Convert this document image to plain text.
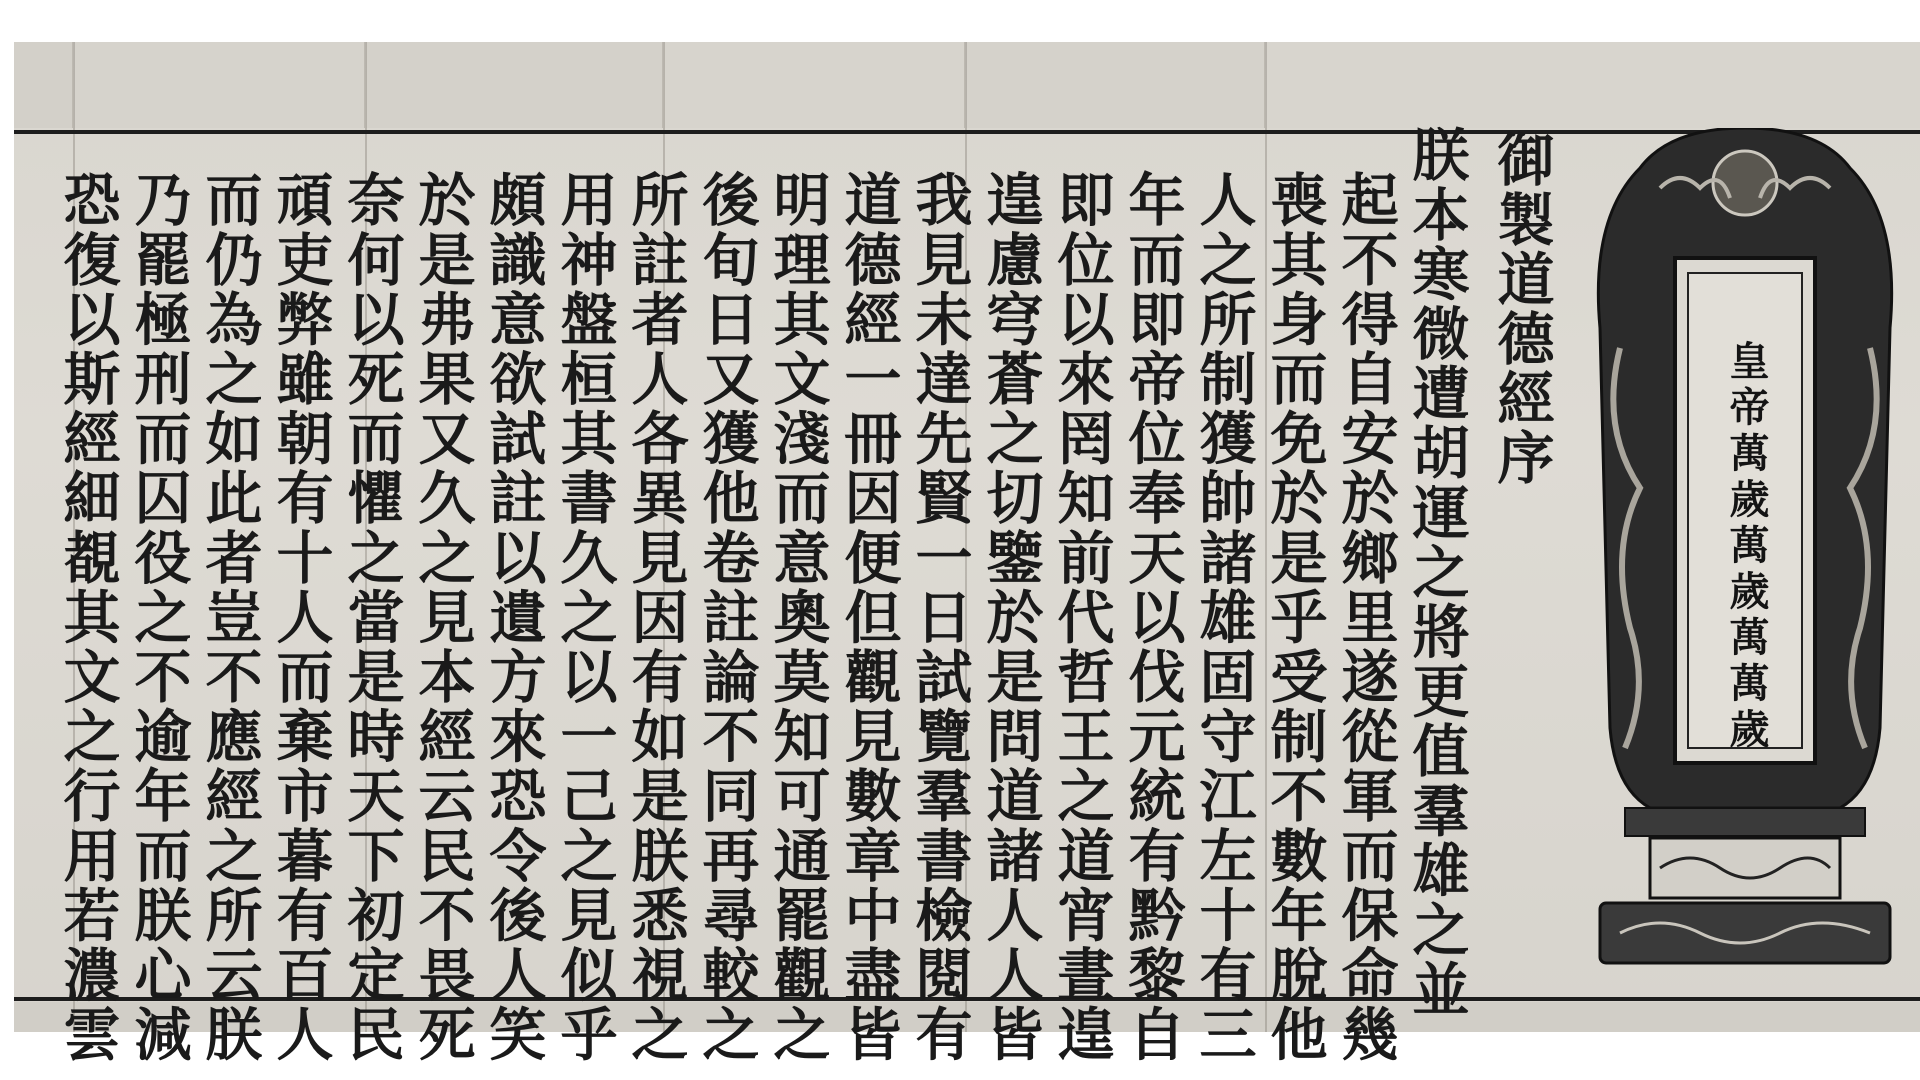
御製道德經序
朕本寒微遭胡運之將更值羣雄之並
起不得自安於鄉里遂從軍而保命幾
喪其身而免於是乎受制不數年脫他
人之所制獲帥諸雄固守江左十有三
年而即帝位奉天以伐元統有黔黎自
即位以來罔知前代哲王之道宵晝遑
遑慮穹蒼之切鑒於是問道諸人人皆
我見未達先賢一日試覽羣書檢閱有
道德經一冊因便但觀見數章中盡皆
明理其文淺而意奧莫知可通罷觀之
後旬日又獲他卷註論不同再尋較之
所註者人各異見因有如是朕悉視之
用神盤桓其書久之以一己之見似乎
頗識意欲試註以遺方來恐令後人笑
於是弗果又久之見本經云民不畏死
奈何以死而懼之當是時天下初定民
頑吏弊雖朝有十人而棄市暮有百人
而仍為之如此者豈不應經之所云朕
乃罷極刑而囚役之不逾年而朕心減
恐復以斯經細覩其文之行用若濃雲	皇帝萬歲萬歲萬萬歲
